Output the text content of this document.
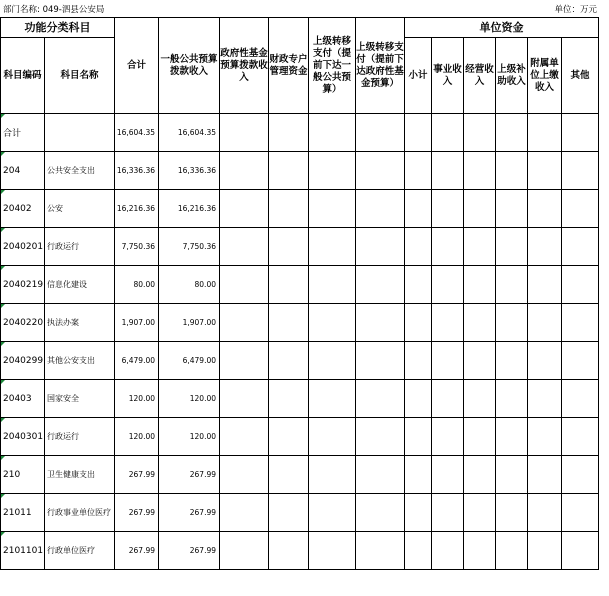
部门名称: 049-泗县公安局	单位：万元
功能分类科目		合计	一般公共预算拨款收入	政府性基金预算拨款收入	财政专户管理资金	上级转移支付（提前下达一般公共预算）	上级转移支付（提前下达政府性基金预算）	单位资金					
科目编码	科目名称							小计	事业收入	经营收入	上级补助收入	附属单位上缴收入	其他

合计		16,604.35	16,604.35										

204	公共安全支出	16,336.36	16,336.36										

20402	公安	16,216.36	16,216.36										

2040201	行政运行	7,750.36	7,750.36										

2040219	信息化建设	80.00	80.00										

2040220	执法办案	1,907.00	1,907.00										

2040299	其他公安支出	6,479.00	6,479.00										

20403	国家安全	120.00	120.00										

2040301	行政运行	120.00	120.00										

210	卫生健康支出	267.99	267.99										

21011	行政事业单位医疗	267.99	267.99										

2101101	行政单位医疗	267.99	267.99										
